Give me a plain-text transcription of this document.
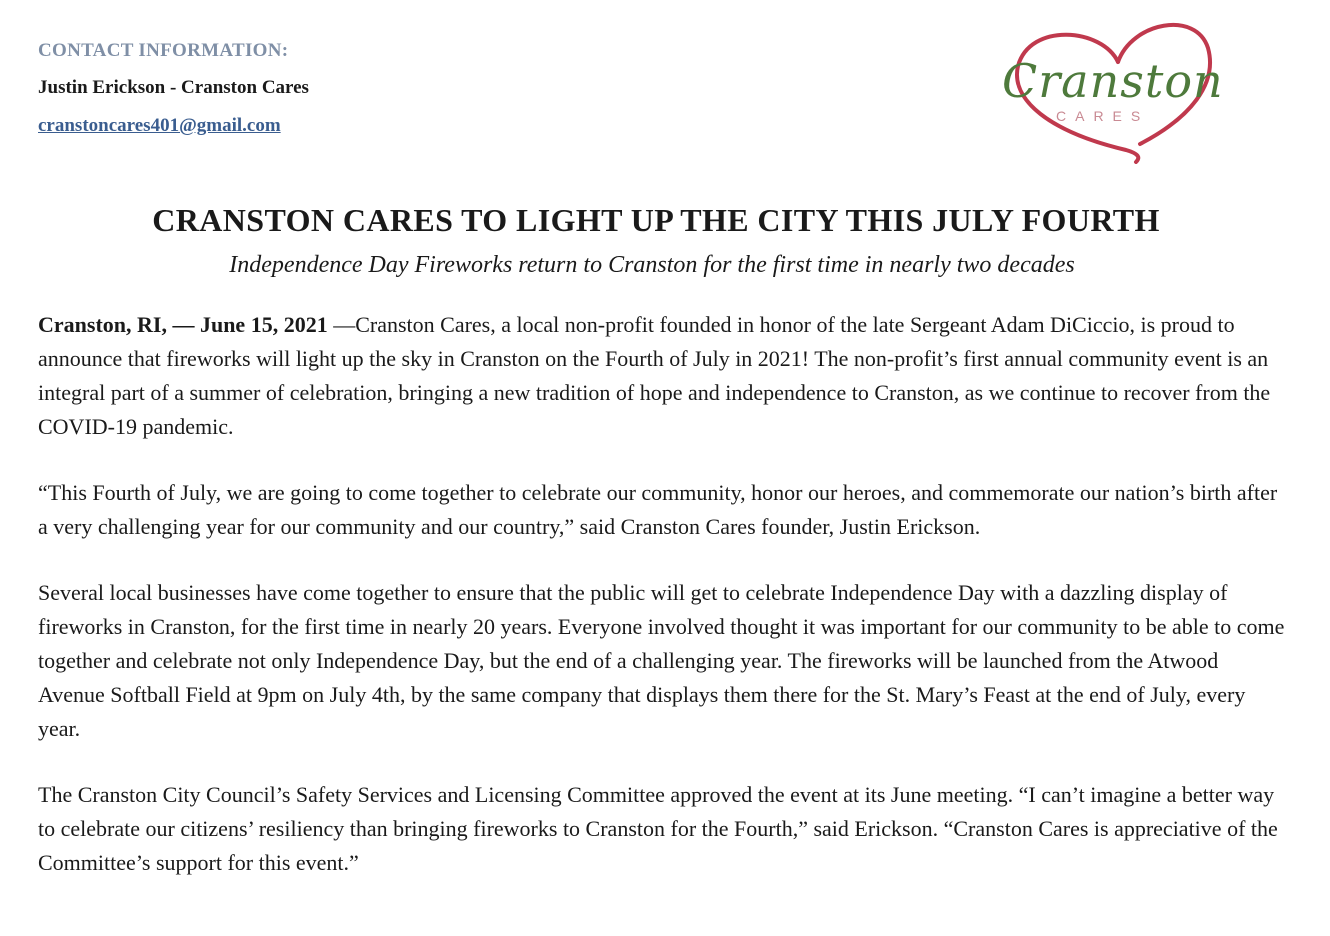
CONTACT INFORMATION:
Justin Erickson - Cranston Cares
cranstoncares401@gmail.com
Cranston
CARES
CRANSTON CARES TO LIGHT UP THE CITY THIS JULY FOURTH
Independence Day Fireworks return to Cranston for the first time in nearly two decades

Cranston, RI, — June 15, 2021 —Cranston Cares, a local non-profit founded in honor of the late Sergeant Adam DiCiccio, is proud to announce that fireworks will light up the sky in Cranston on the Fourth of July in 2021! The non-profit’s first annual community event is an integral part of a summer of celebration, bringing a new tradition of hope and independence to Cranston, as we continue to recover from the COVID-19 pandemic.

“This Fourth of July, we are going to come together to celebrate our community, honor our heroes, and commemorate our nation’s birth after a very challenging year for our community and our country,” said Cranston Cares founder, Justin Erickson.

Several local businesses have come together to ensure that the public will get to celebrate Independence Day with a dazzling display of fireworks in Cranston, for the first time in nearly 20 years. Everyone involved thought it was important for our community to be able to come together and celebrate not only Independence Day, but the end of a challenging year. The fireworks will be launched from the Atwood Avenue Softball Field at 9pm on July 4th, by the same company that displays them there for the St. Mary’s Feast at the end of July, every year.

The Cranston City Council’s Safety Services and Licensing Committee approved the event at its June meeting. “I can’t imagine a better way to celebrate our citizens’ resiliency than bringing fireworks to Cranston for the Fourth,” said Erickson. “Cranston Cares is appreciative of the Committee’s support for this event.”
